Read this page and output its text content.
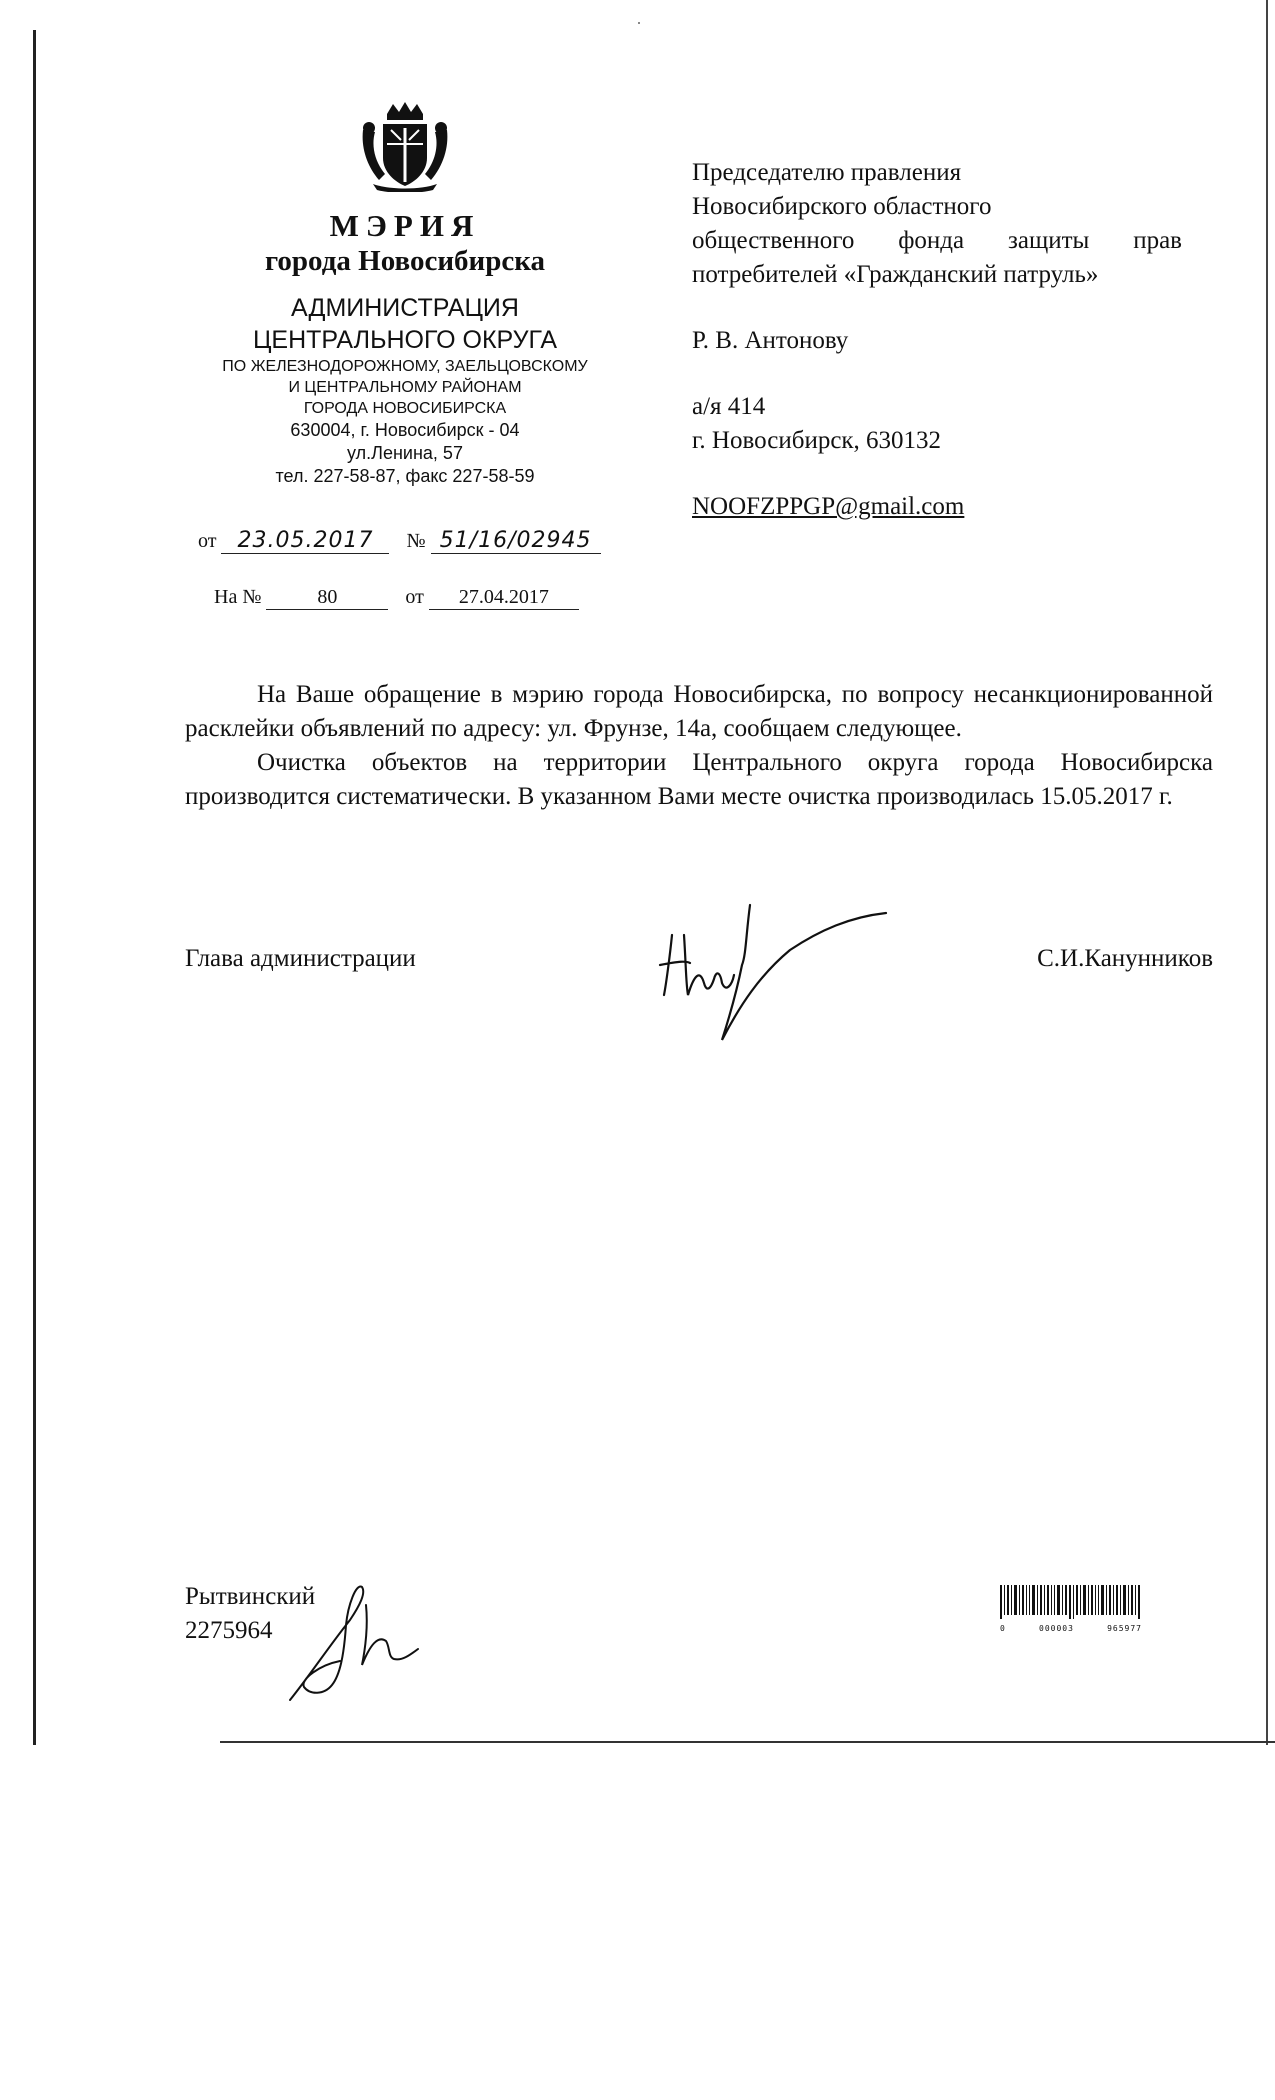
МЭРИЯ
города Новосибирска
АДМИНИСТРАЦИЯ
ЦЕНТРАЛЬНОГО ОКРУГА
ПО ЖЕЛЕЗНОДОРОЖНОМУ, ЗАЕЛЬЦОВСКОМУ
И ЦЕНТРАЛЬНОМУ РАЙОНАМ
ГОРОДА НОВОСИБИРСКА
630004, г. Новосибирск - 04
ул.Ленина, 57
тел. 227-58-87, факс 227-58-59
от 23.05.2017 № 51/16/02945
На №	80	от 27.04.2017
Председателю правления
Новосибирского областного
общественного фонда защиты прав
потребителей «Гражданский патруль»
Р. В. Антонову
а/я 414
г. Новосибирск, 630132
NOOFZPPGP@gmail.com

На Ваше обращение в мэрию города Новосибирска, по вопросу несанкционированной расклейки объявлений по адресу: ул. Фрунзе, 14а, сообщаем следующее.

Очистка объектов на территории Центрального округа города Новосибирска производится систематически. В указанном Вами месте очистка производилась 15.05.2017 г.

Глава администрации	С.И.Канунников
Рытвинский
2275964	0	000003	965977
